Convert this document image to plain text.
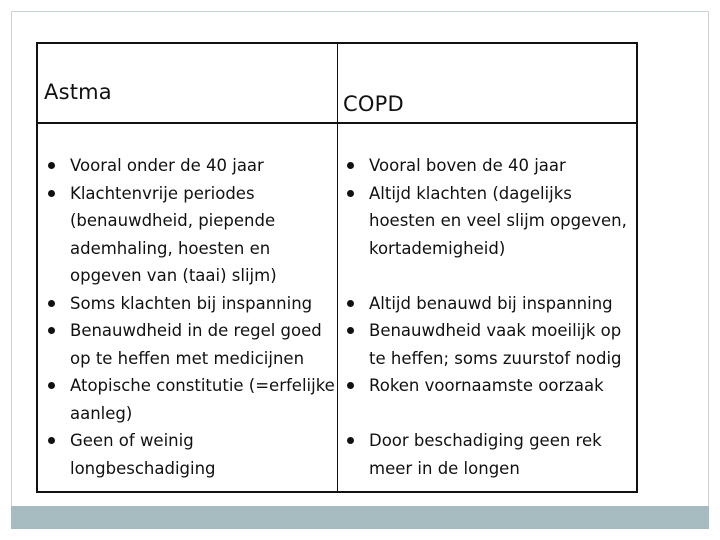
Astma	COPD
Vooral onder de 40 jaar
Klachtenvrije periodes
(benauwdheid, piepende
ademhaling, hoesten en
opgeven van (taai) slijm)
Soms klachten bij inspanning
Benauwdheid in de regel goed
op te heffen met medicijnen
Atopische constitutie (=erfelijke
aanleg)
Geen of weinig
longbeschadiging
Vooral boven de 40 jaar
Altijd klachten (dagelijks
hoesten en veel slijm opgeven,
kortademigheid)
Altijd benauwd bij inspanning
Benauwdheid vaak moeilijk op
te heffen; soms zuurstof nodig
Roken voornaamste oorzaak
Door beschadiging geen rek
meer in de longen
